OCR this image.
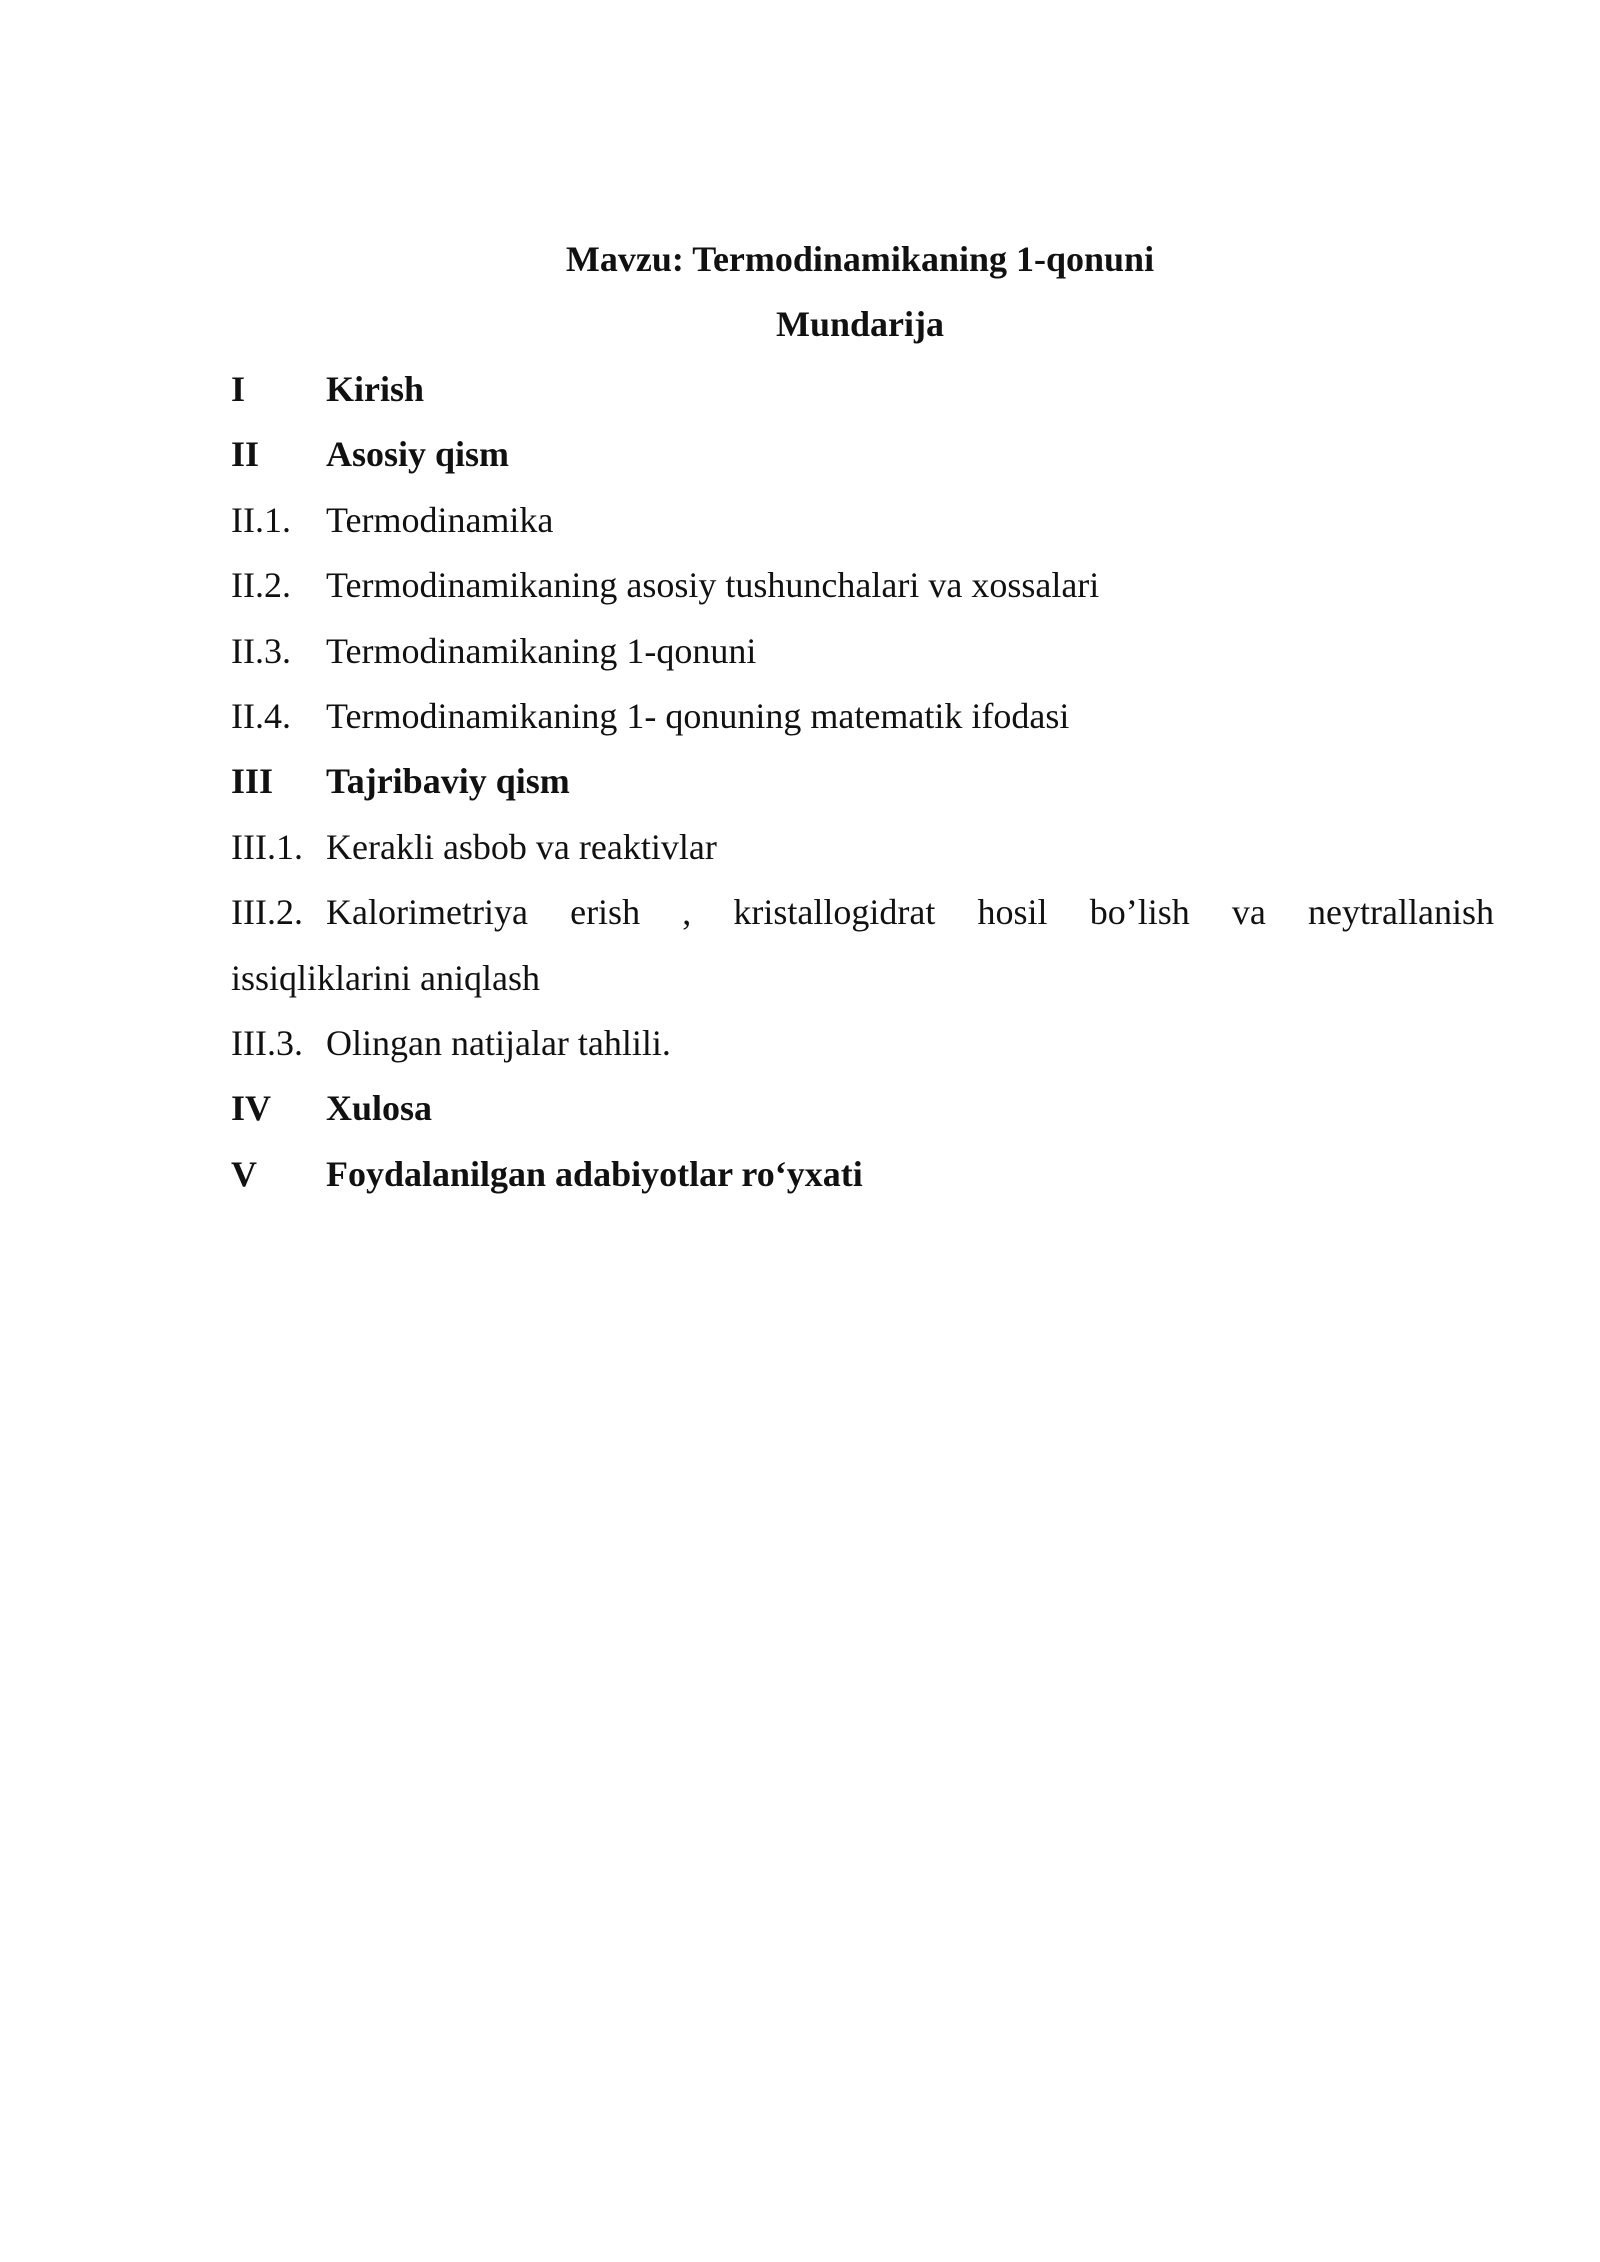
Mavzu: Termodinamikaning 1-qonuni
Mundarija
I Kirish
II Asosiy qism
II.1. Termodinamika
II.2. Termodinamikaning asosiy tushunchalari va xossalari
II.3. Termodinamikaning 1-qonuni
II.4. Termodinamikaning 1- qonuning matematik ifodasi
III Tajribaviy qism
III.1. Kerakli asbob va reaktivlar
III.2. Kalorimetriya erish , kristallogidrat hosil bo’lish va neytrallanish
issiqliklarini aniqlash
III.3. Olingan natijalar tahlili.
IV Xulosa
V Foydalanilgan adabiyotlar ro‘yxati
